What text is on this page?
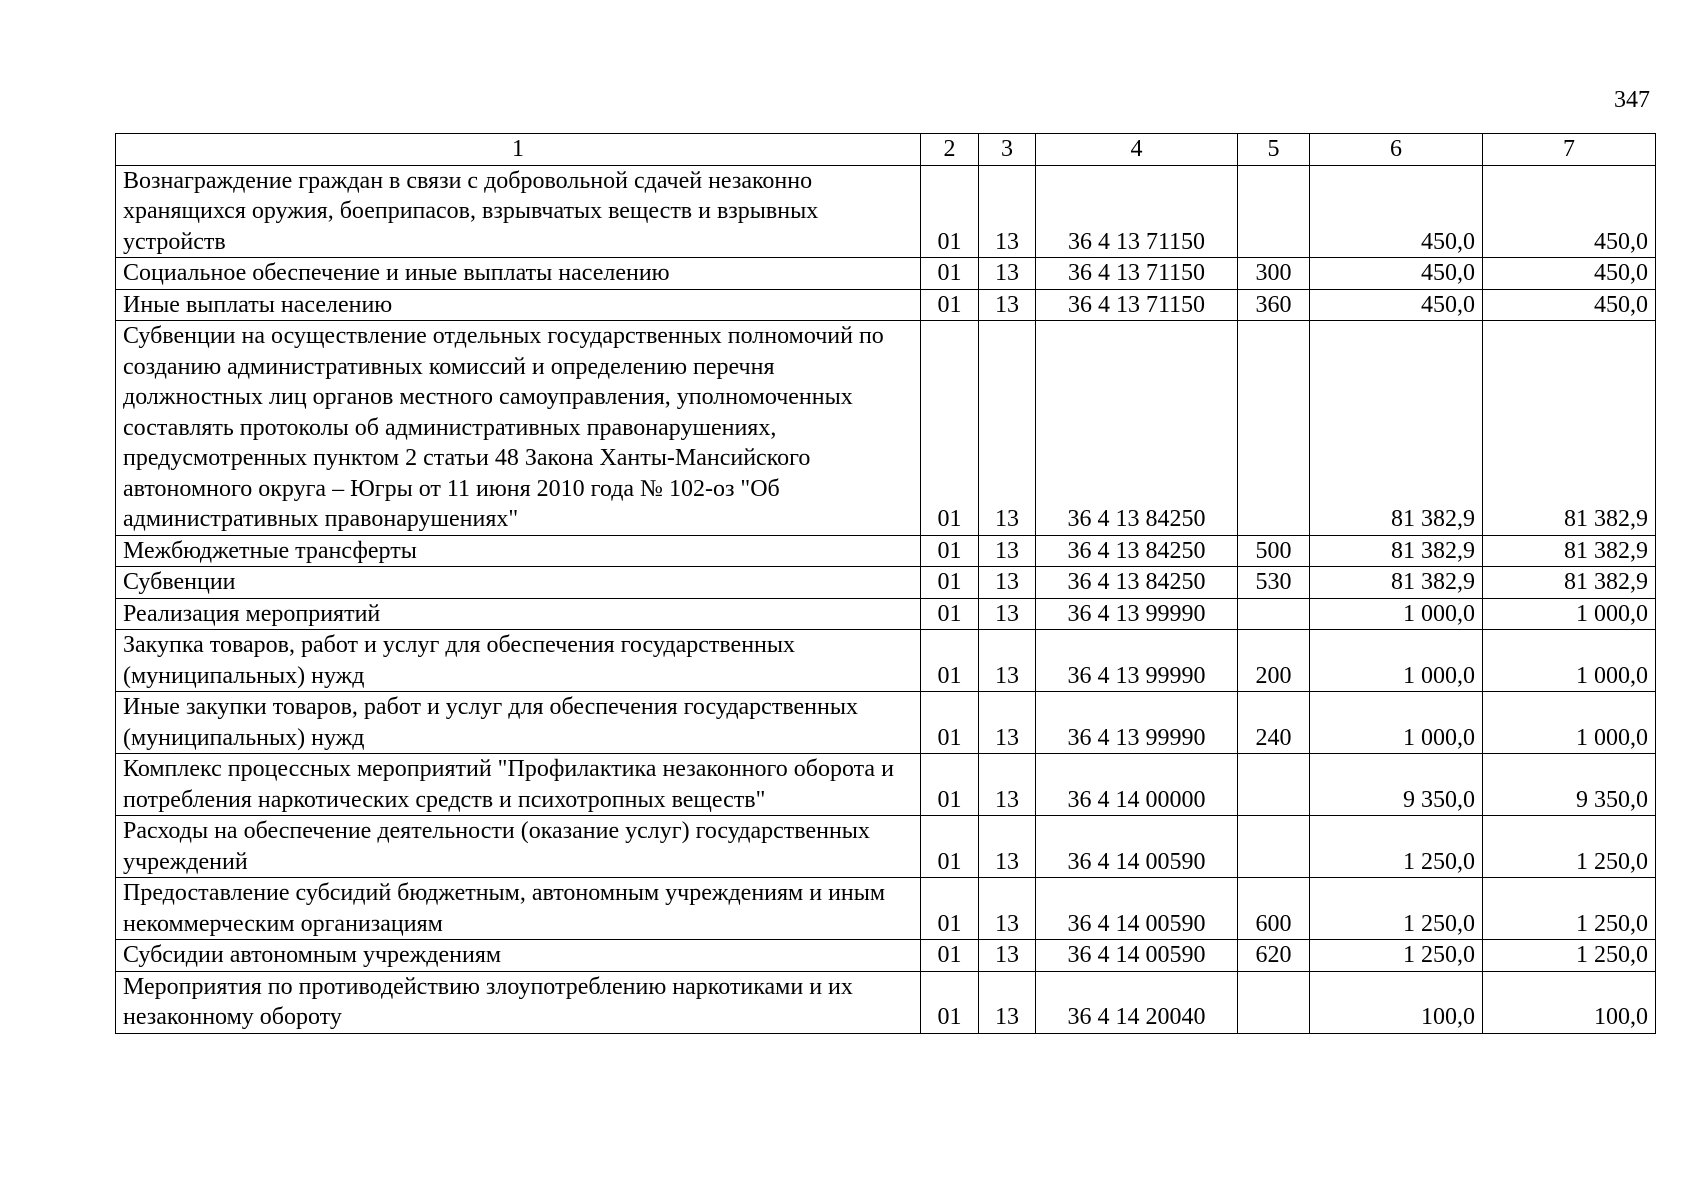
347
1	2	3	4	5	6	7
Вознаграждение граждан в связи с добровольной сдачей незаконно хранящихся оружия, боеприпасов, взрывчатых веществ и взрывных устройств	01	13	36 4 13 71150		450,0	450,0
Социальное обеспечение и иные выплаты населению	01	13	36 4 13 71150	300	450,0	450,0
Иные выплаты населению	01	13	36 4 13 71150	360	450,0	450,0
Субвенции на осуществление отдельных государственных полномочий по созданию административных комиссий и определению перечня должностных лиц органов местного самоуправления, уполномоченных составлять протоколы об административных правонарушениях, предусмотренных пунктом 2 статьи 48 Закона Ханты-Мансийского автономного округа – Югры от 11 июня 2010 года № 102-оз "Об административных правонарушениях"	01	13	36 4 13 84250		81 382,9	81 382,9
Межбюджетные трансферты	01	13	36 4 13 84250	500	81 382,9	81 382,9
Субвенции	01	13	36 4 13 84250	530	81 382,9	81 382,9
Реализация мероприятий	01	13	36 4 13 99990		1 000,0	1 000,0
Закупка товаров, работ и услуг для обеспечения государственных (муниципальных) нужд	01	13	36 4 13 99990	200	1 000,0	1 000,0
Иные закупки товаров, работ и услуг для обеспечения государственных (муниципальных) нужд	01	13	36 4 13 99990	240	1 000,0	1 000,0
Комплекс процессных мероприятий "Профилактика незаконного оборота и потребления наркотических средств и психотропных веществ"	01	13	36 4 14 00000		9 350,0	9 350,0
Расходы на обеспечение деятельности (оказание услуг) государственных учреждений	01	13	36 4 14 00590		1 250,0	1 250,0
Предоставление субсидий бюджетным, автономным учреждениям и иным некоммерческим организациям	01	13	36 4 14 00590	600	1 250,0	1 250,0
Субсидии автономным учреждениям	01	13	36 4 14 00590	620	1 250,0	1 250,0
Мероприятия по противодействию злоупотреблению наркотиками и их незаконному обороту	01	13	36 4 14 20040		100,0	100,0
